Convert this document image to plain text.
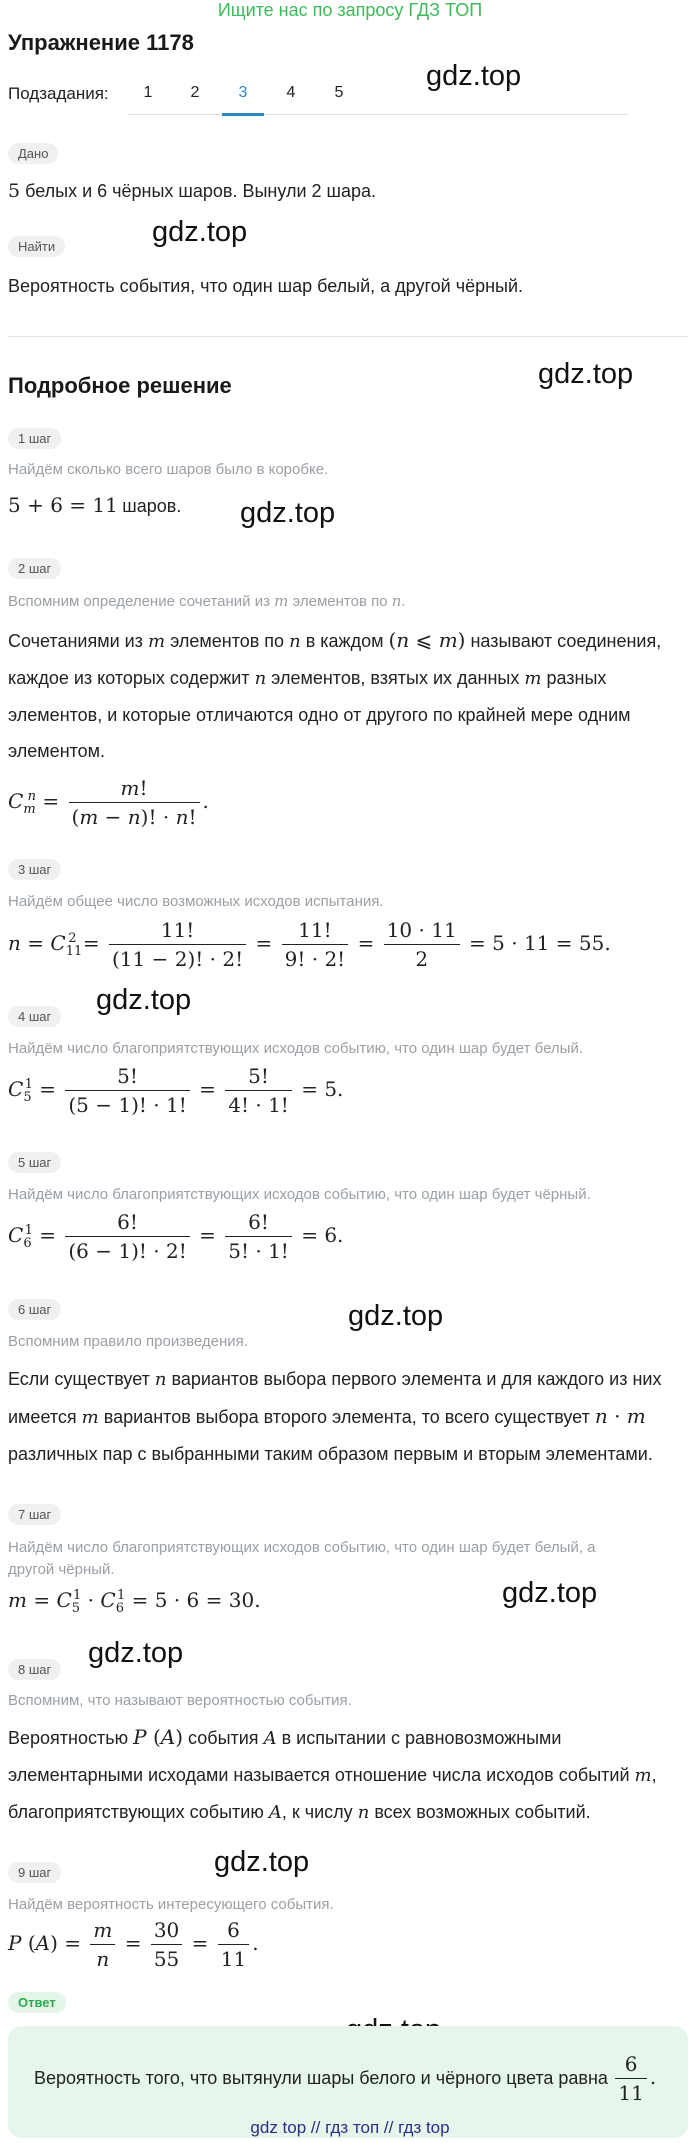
Ищите нас по запросу ГДЗ ТОП
Упражнение 1178
Подзадания:	1	2	3	4	5
gdz.top
gdz.top
gdz.top
gdz.top
gdz.top
gdz.top
gdz.top
gdz.top
gdz.top
Дано
5 белых и 6 чёрных шаров. Вынули 2 шара.
Найти
Вероятность события, что один шар белый, а другой чёрный.
Подробное решение
1 шаг
Найдём сколько всего шаров было в коробке.
5 + 6 = 11 шаров.
2 шаг
Вспомним определение сочетаний из m элементов по n.
Сочетаниями из m элементов по n в каждом (n ⩽ m) называют соединения,
каждое из которых содержит n элементов, взятых их данных m разных
элементов, и которые отличаются одно от другого по крайней мере одним
элементом.
$C_m^n = \frac{m!}{(m - n)! \cdot n!}$ .
3 шаг
Найдём общее число возможных исходов испытания.
$n = C_{11}^2 = \frac{11!}{(11 - 2)! \cdot 2!} = \frac{11!}{9! \cdot 2!} = \frac{10 \cdot 11}{2} = 5 \cdot 11 = 55$.
4 шаг
Найдём число благоприятствующих исходов событию, что один шар будет белый.
$C_5^1 = \frac{5!}{(5 - 1)! \cdot 1!} = \frac{5!}{4! \cdot 1!} = 5$.
5 шаг
Найдём число благоприятствующих исходов событию, что один шар будет чёрный.
$C_6^1 = \frac{6!}{(6 - 1)! \cdot 2!} = \frac{6!}{5! \cdot 1!} = 6$.
6 шаг
Вспомним правило произведения.
Если существует n вариантов выбора первого элемента и для каждого из них
имеется m вариантов выбора второго элемента, то всего существует n · m
различных пар с выбранными таким образом первым и вторым элементами.
7 шаг
Найдём число благоприятствующих исходов событию, что один шар будет белый, а
другой чёрный.
$m = C_5^1 \cdot C_6^1 = 5 \cdot 6 = 30$.
8 шаг
Вспомним, что называют вероятностью события.
Вероятностью P (A) события A в испытании с равновозможными
элементарными исходами называется отношение числа исходов событий m,
благоприятствующих событию A, к числу n всех возможных событий.
9 шаг
Найдём вероятность интересующего события.
P $(A) = \frac{m}{n} = \frac{30}{55} = \frac{6}{11}$ .
Ответ
Вероятность того, что вытянули шары белого и чёрного цвета равна $\frac{6}{11}$ .
gdz top // гдз топ // гдз top
